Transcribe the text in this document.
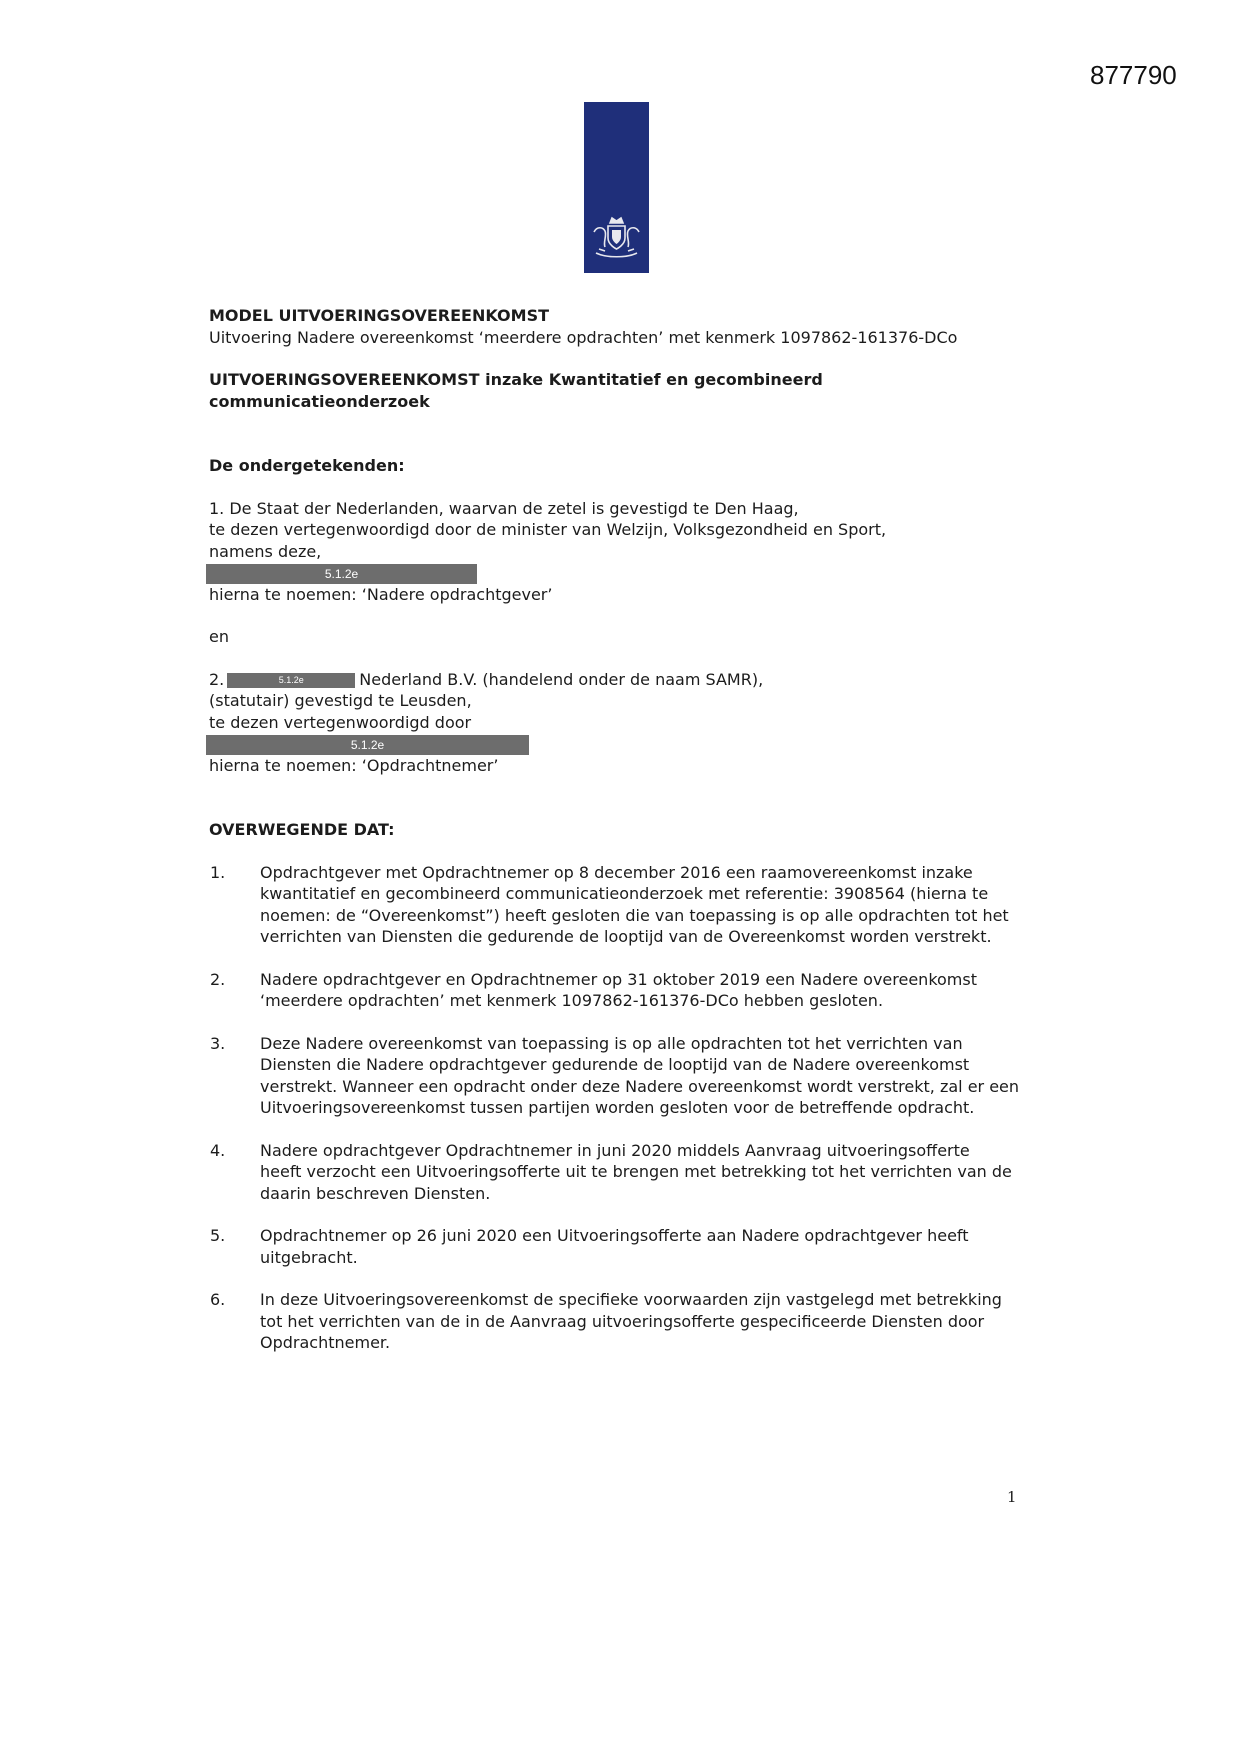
877790
MODEL UITVOERINGSOVEREENKOMST
Uitvoering Nadere overeenkomst ‘meerdere opdrachten’ met kenmerk 1097862-161376-DCo
UITVOERINGSOVEREENKOMST inzake Kwantitatief en gecombineerd
communicatieonderzoek
De ondergetekenden:
1. De Staat der Nederlanden, waarvan de zetel is gevestigd te Den Haag,
te dezen vertegenwoordigd door de minister van Welzijn, Volksgezondheid en Sport,
namens deze,
5.1.2e
hierna te noemen: ‘Nadere opdrachtgever’
en
2.	5.1.2e	Nederland B.V. (handelend onder de naam SAMR),
(statutair) gevestigd te Leusden,
te dezen vertegenwoordigd door
5.1.2e
hierna te noemen: ‘Opdrachtnemer’
OVERWEGENDE DAT:
1. Opdrachtgever met Opdrachtnemer op 8 december 2016 een raamovereenkomst inzake
kwantitatief en gecombineerd communicatieonderzoek met referentie: 3908564 (hierna te
noemen: de “Overeenkomst”) heeft gesloten die van toepassing is op alle opdrachten tot het
verrichten van Diensten die gedurende de looptijd van de Overeenkomst worden verstrekt.
2. Nadere opdrachtgever en Opdrachtnemer op 31 oktober 2019 een Nadere overeenkomst
‘meerdere opdrachten’ met kenmerk 1097862-161376-DCo hebben gesloten.
3. Deze Nadere overeenkomst van toepassing is op alle opdrachten tot het verrichten van
Diensten die Nadere opdrachtgever gedurende de looptijd van de Nadere overeenkomst
verstrekt. Wanneer een opdracht onder deze Nadere overeenkomst wordt verstrekt, zal er een
Uitvoeringsovereenkomst tussen partijen worden gesloten voor de betreffende opdracht.
4. Nadere opdrachtgever Opdrachtnemer in juni 2020 middels Aanvraag uitvoeringsofferte
heeft verzocht een Uitvoeringsofferte uit te brengen met betrekking tot het verrichten van de
daarin beschreven Diensten.
5. Opdrachtnemer op 26 juni 2020 een Uitvoeringsofferte aan Nadere opdrachtgever heeft
uitgebracht.
6. In deze Uitvoeringsovereenkomst de specifieke voorwaarden zijn vastgelegd met betrekking
tot het verrichten van de in de Aanvraag uitvoeringsofferte gespecificeerde Diensten door
Opdrachtnemer.
1
